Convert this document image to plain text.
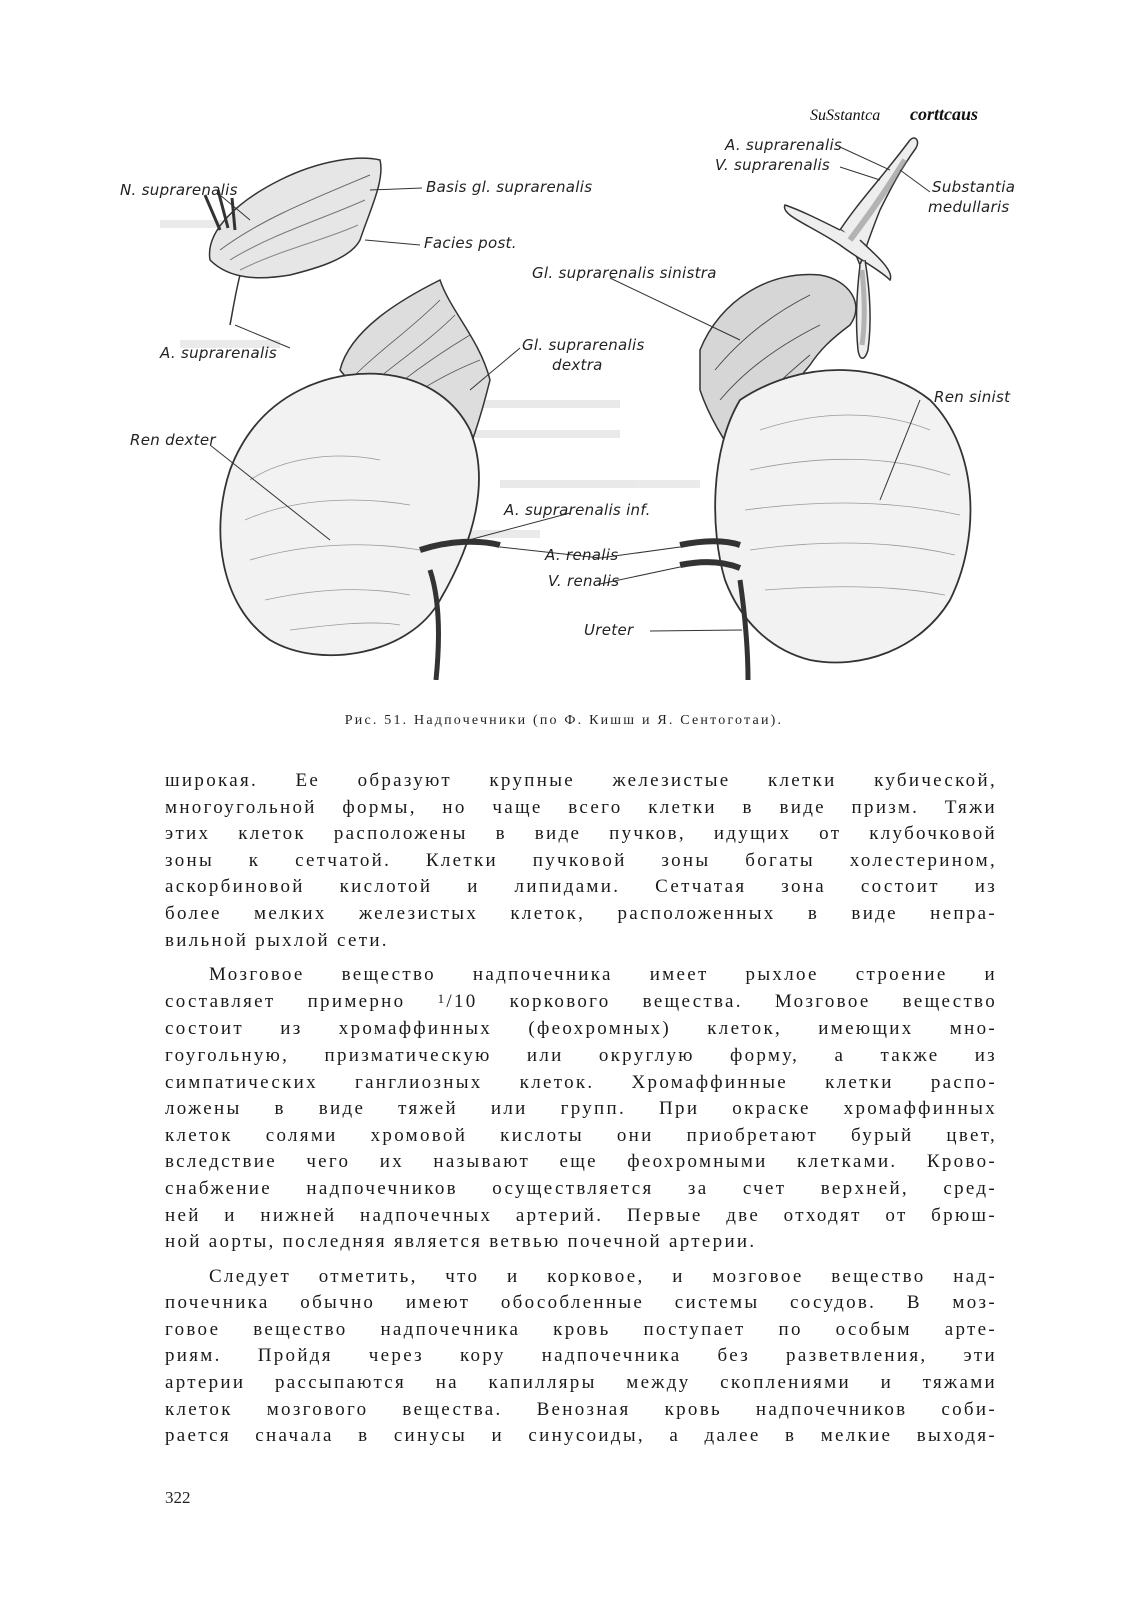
SuSstantca corttcaus
N. suprarenalis	Basis gl. suprarenalis
Facies post.
A. suprarenalis	Gl. suprarenalis
dextra
Gl. suprarenalis sinistra
Ren dexter
A. suprarenalis inf.
A. renalis
V. renalis
Ureter
Ren sinist
A. suprarenalis
V. suprarenalis
Substantia
medullaris
Рис. 51. Надпочечники (по Ф. Кишш и Я. Сентоготаи).

широкая. Ее образуют крупные железистые клетки кубической,
многоугольной формы, но чаще всего клетки в виде призм. Тяжи
этих клеток расположены в виде пучков, идущих от клубочковой
зоны к сетчатой. Клетки пучковой зоны богаты холестерином,
аскорбиновой кислотой и липидами. Сетчатая зона состоит из
более мелких железистых клеток, расположенных в виде непра-
вильной рыхлой сети.

Мозговое вещество надпочечника имеет рыхлое строение и
составляет примерно $^1$/10 коркового вещества. Мозговое вещество
состоит из хромаффинных (феохромных) клеток, имеющих мно-
гоугольную, призматическую или округлую форму, а также из
симпатических ганглиозных клеток. Хромаффинные клетки распо-
ложены в виде тяжей или групп. При окраске хромаффинных
клеток солями хромовой кислоты они приобретают бурый цвет,
вследствие чего их называют еще феохромными клетками. Крово-
снабжение надпочечников осуществляется за счет верхней, сред-
ней и нижней надпочечных артерий. Первые две отходят от брюш-
ной аорты, последняя является ветвью почечной артерии.

Следует отметить, что и корковое, и мозговое вещество над-
почечника обычно имеют обособленные системы сосудов. В моз-
говое вещество надпочечника кровь поступает по особым арте-
риям. Пройдя через кору надпочечника без разветвления, эти
артерии рассыпаются на капилляры между скоплениями и тяжами
клеток мозгового вещества. Венозная кровь надпочечников соби-
рается сначала в синусы и синусоиды, а далее в мелкие выходя-

322
